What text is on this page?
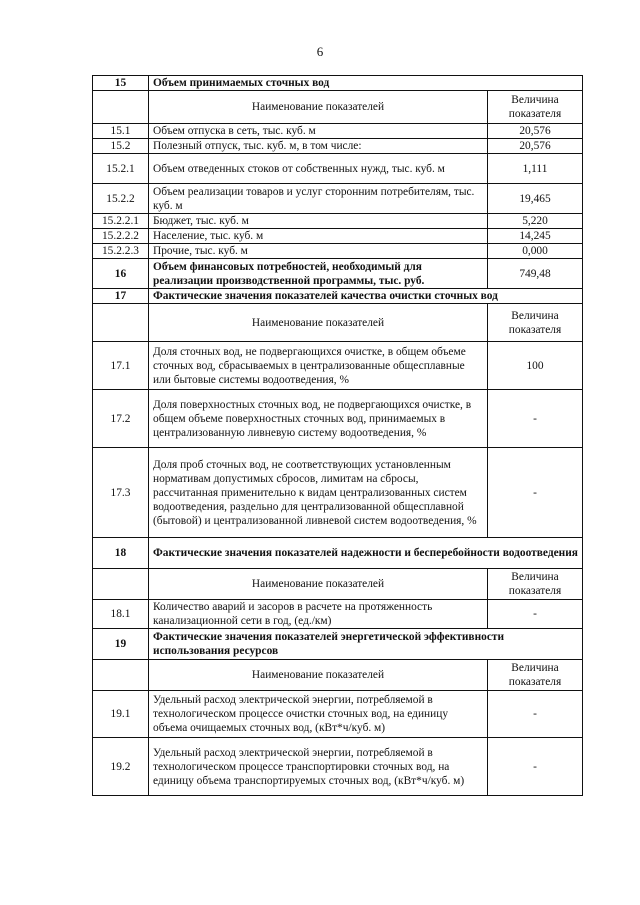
6
15	Объем принимаемых сточных вод	
	Наименование показателей	Величина показателя
15.1	Объем отпуска в сеть, тыс. куб. м	20,576
15.2	Полезный отпуск, тыс. куб. м, в том числе:	20,576
15.2.1	Объем отведенных стоков от собственных нужд, тыс. куб. м	1,111
15.2.2	Объем реализации товаров и услуг сторонним потребителям, тыс. куб. м	19,465
15.2.2.1	Бюджет, тыс. куб. м	5,220
15.2.2.2	Население, тыс. куб. м	14,245
15.2.2.3	Прочие, тыс. куб. м	0,000
16	Объем финансовых потребностей, необходимый для реализации производственной программы, тыс. руб.	749,48
17	Фактические значения показателей качества очистки сточных вод	
	Наименование показателей	Величина показателя
17.1	Доля сточных вод, не подвергающихся очистке, в общем объеме сточных вод, сбрасываемых в централизованные общесплавные или бытовые системы водоотведения, %	100
17.2	Доля поверхностных сточных вод, не подвергающихся очистке, в общем объеме поверхностных сточных вод, принимаемых в централизованную ливневую систему водоотведения, %	-
17.3	Доля проб сточных вод, не соответствующих установленным нормативам допустимых сбросов, лимитам на сбросы, рассчитанная применительно к видам централизованных систем водоотведения, раздельно для централизованной общесплавной (бытовой) и централизованной ливневой систем водоотведения, %	-
18	Фактические значения показателей надежности и бесперебойности водоотведения	
	Наименование показателей	Величина показателя
18.1	Количество аварий и засоров в расчете на протяженность канализационной сети в год, (ед./км)	-
19	Фактические значения показателей энергетической эффективности использования ресурсов	
	Наименование показателей	Величина показателя
19.1	Удельный расход электрической энергии, потребляемой в технологическом процессе очистки сточных вод, на единицу объема очищаемых сточных вод, (кВт*ч/куб. м)	-
19.2	Удельный расход электрической энергии, потребляемой в технологическом процессе транспортировки сточных вод, на единицу объема транспортируемых сточных вод, (кВт*ч/куб. м)	-
